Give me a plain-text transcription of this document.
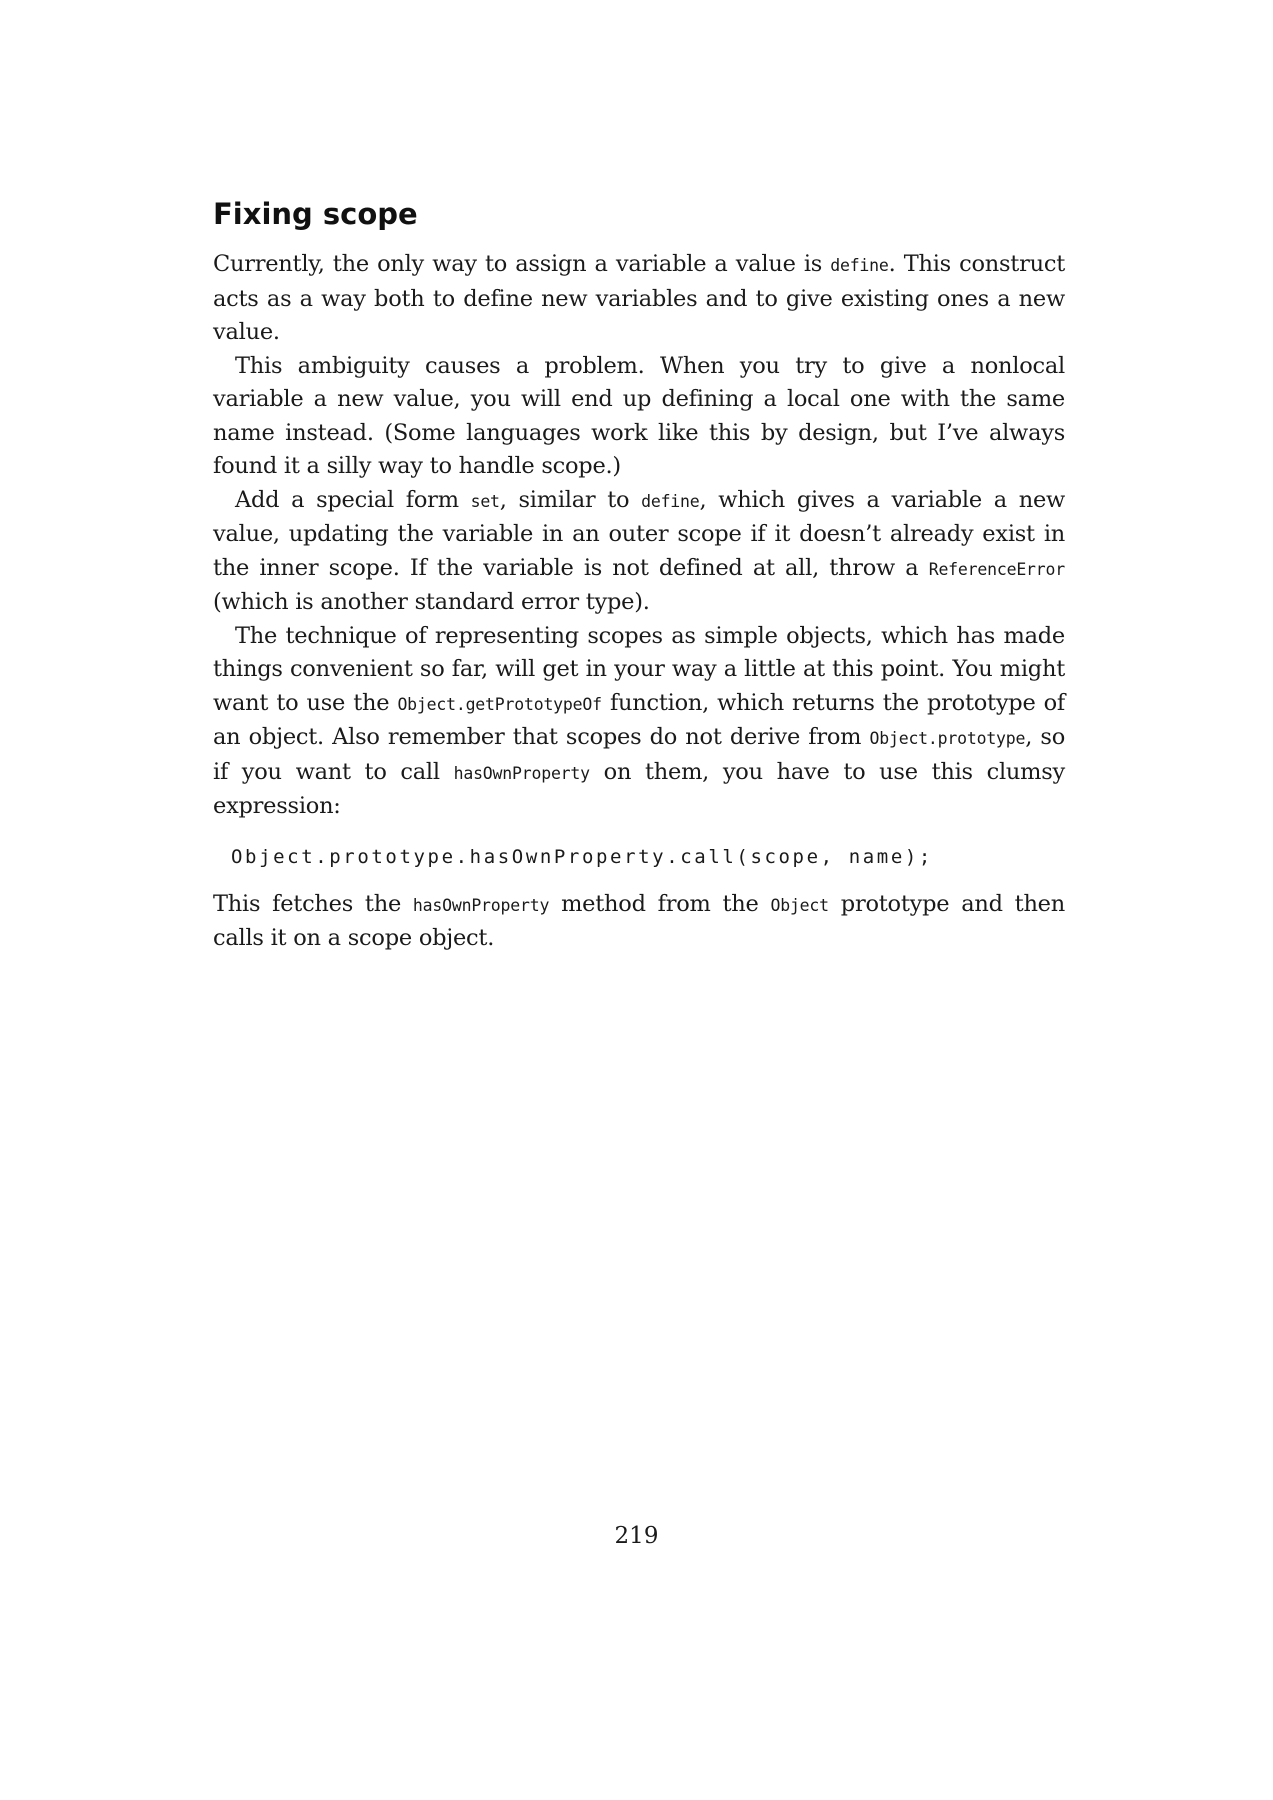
Fixing scope

Currently, the only way to assign a variable a value is define. This construct acts as a way both to define new variables and to give existing ones a new value.

This ambiguity causes a problem. When you try to give a nonlocal variable a new value, you will end up defining a local one with the same name instead. (Some languages work like this by design, but I’ve always found it a silly way to handle scope.)

Add a special form set, similar to define, which gives a variable a new value, updating the variable in an outer scope if it doesn’t already exist in the inner scope. If the variable is not defined at all, throw a ReferenceError (which is another standard error type).

The technique of representing scopes as simple objects, which has made things convenient so far, will get in your way a little at this point. You might want to use the Object.getPrototypeOf function, which returns the prototype of an object. Also remember that scopes do not derive from Object.prototype, so if you want to call hasOwnProperty on them, you have to use this clumsy expression:

Object.prototype.hasOwnProperty.call(scope, name);

This fetches the hasOwnProperty method from the Object prototype and then calls it on a scope object.

219
